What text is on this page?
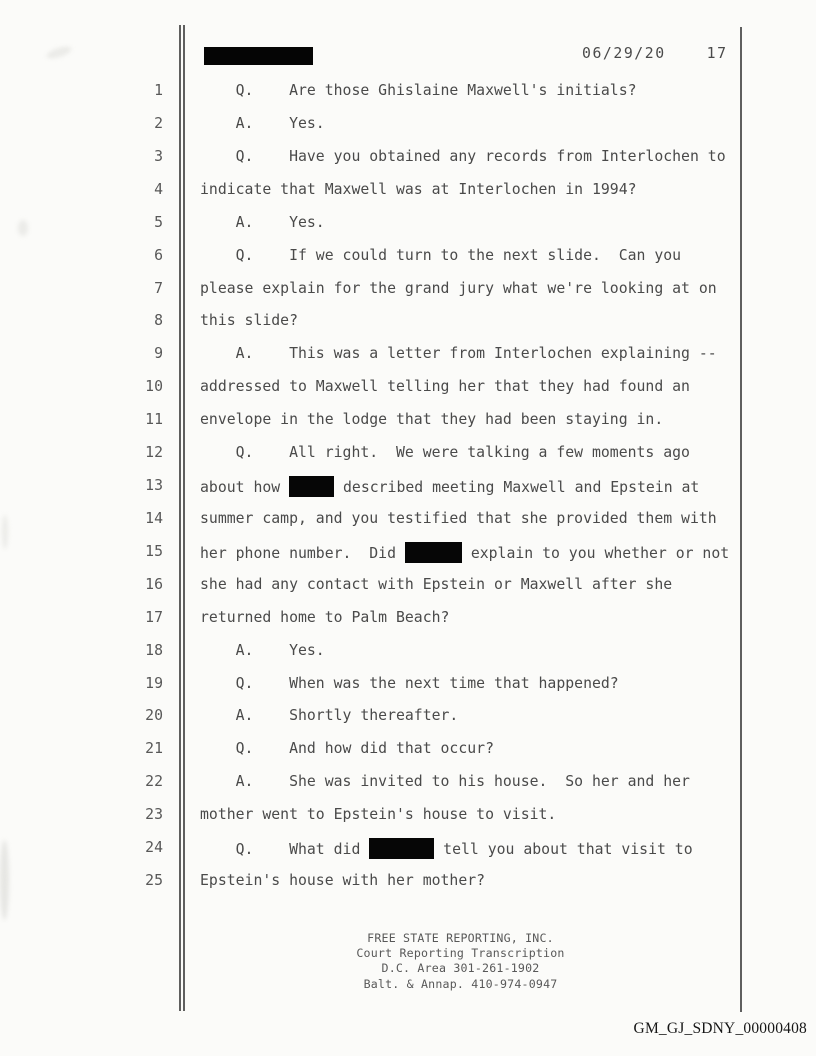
06/29/20	17
1	Q.    Are those Ghislaine Maxwell's initials?
2	A.    Yes.
3	Q.    Have you obtained any records from Interlochen to
4	indicate that Maxwell was at Interlochen in 1994?
5	A.    Yes.
6	Q.    If we could turn to the next slide.  Can you
7	please explain for the grand jury what we're looking at on
8	this slide?
9	A.    This was a letter from Interlochen explaining --
10	addressed to Maxwell telling her that they had found an
11	envelope in the lodge that they had been staying in.
12	Q.    All right.  We were talking a few moments ago
13	about how	described meeting Maxwell and Epstein at
14	summer camp, and you testified that she provided them with
15	her phone number.  Did	explain to you whether or not
16	she had any contact with Epstein or Maxwell after she
17	returned home to Palm Beach?
18	A.    Yes.
19	Q.    When was the next time that happened?
20	A.    Shortly thereafter.
21	Q.    And how did that occur?
22	A.    She was invited to his house.  So her and her
23	mother went to Epstein's house to visit.
24	Q.    What did	tell you about that visit to
25	Epstein's house with her mother?
FREE STATE REPORTING, INC.
Court Reporting Transcription
D.C. Area 301-261-1902
Balt. & Annap. 410-974-0947
GM_GJ_SDNY_00000408
